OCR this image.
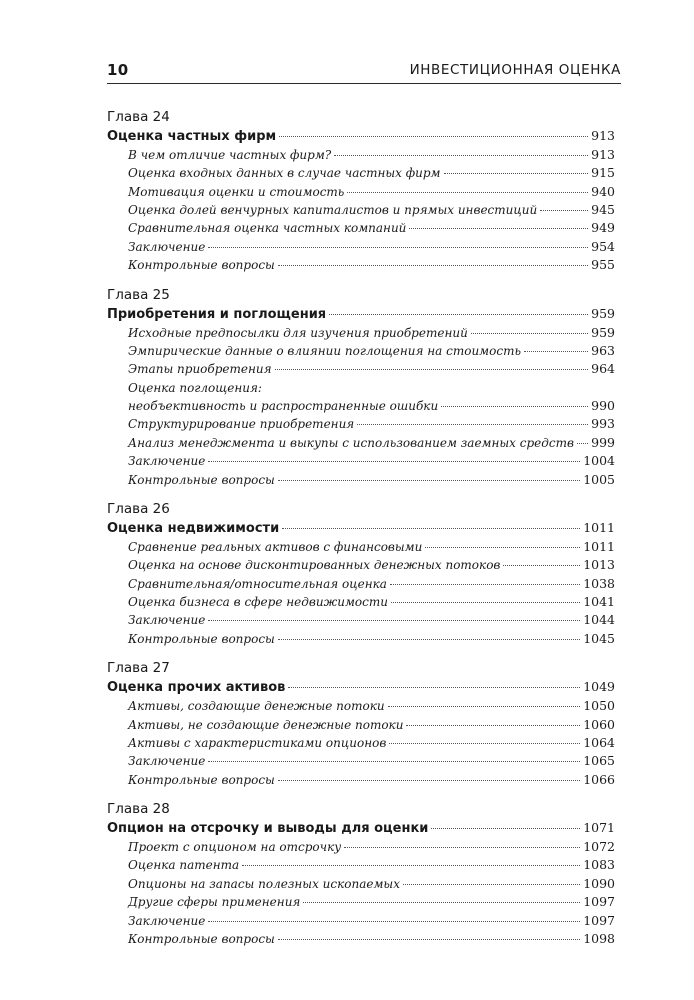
10	ИНВЕСТИЦИОННАЯ ОЦЕНКА
Глава 24
Оценка частных фирм	913
В чем отличие частных фирм?	913
Оценка входных данных в случае частных фирм	915
Мотивация оценки и стоимость	940
Оценка долей венчурных капиталистов и прямых инвестиций	945
Сравнительная оценка частных компаний	949
Заключение	954
Контрольные вопросы	955
Глава 25
Приобретения и поглощения	959
Исходные предпосылки для изучения приобретений	959
Эмпирические данные о влиянии поглощения на стоимость	963
Этапы приобретения	964
Оценка поглощения:
необъективность и распространенные ошибки	990
Структурирование приобретения	993
Анализ менеджмента и выкупы с использованием заемных средств 999
Заключение	1004
Контрольные вопросы	1005
Глава 26
Оценка недвижимости	1011
Сравнение реальных активов с финансовыми	1011
Оценка на основе дисконтированных денежных потоков	1013
Сравнительная/относительная оценка	1038
Оценка бизнеса в сфере недвижимости	1041
Заключение	1044
Контрольные вопросы	1045
Глава 27
Оценка прочих активов	1049
Активы, создающие денежные потоки	1050
Активы, не создающие денежные потоки	1060
Активы с характеристиками опционов	1064
Заключение	1065
Контрольные вопросы	1066
Глава 28
Опцион на отсрочку и выводы для оценки	1071
Проект с опционом на отсрочку	1072
Оценка патента	1083
Опционы на запасы полезных ископаемых	1090
Другие сферы применения	1097
Заключение	1097
Контрольные вопросы	1098
